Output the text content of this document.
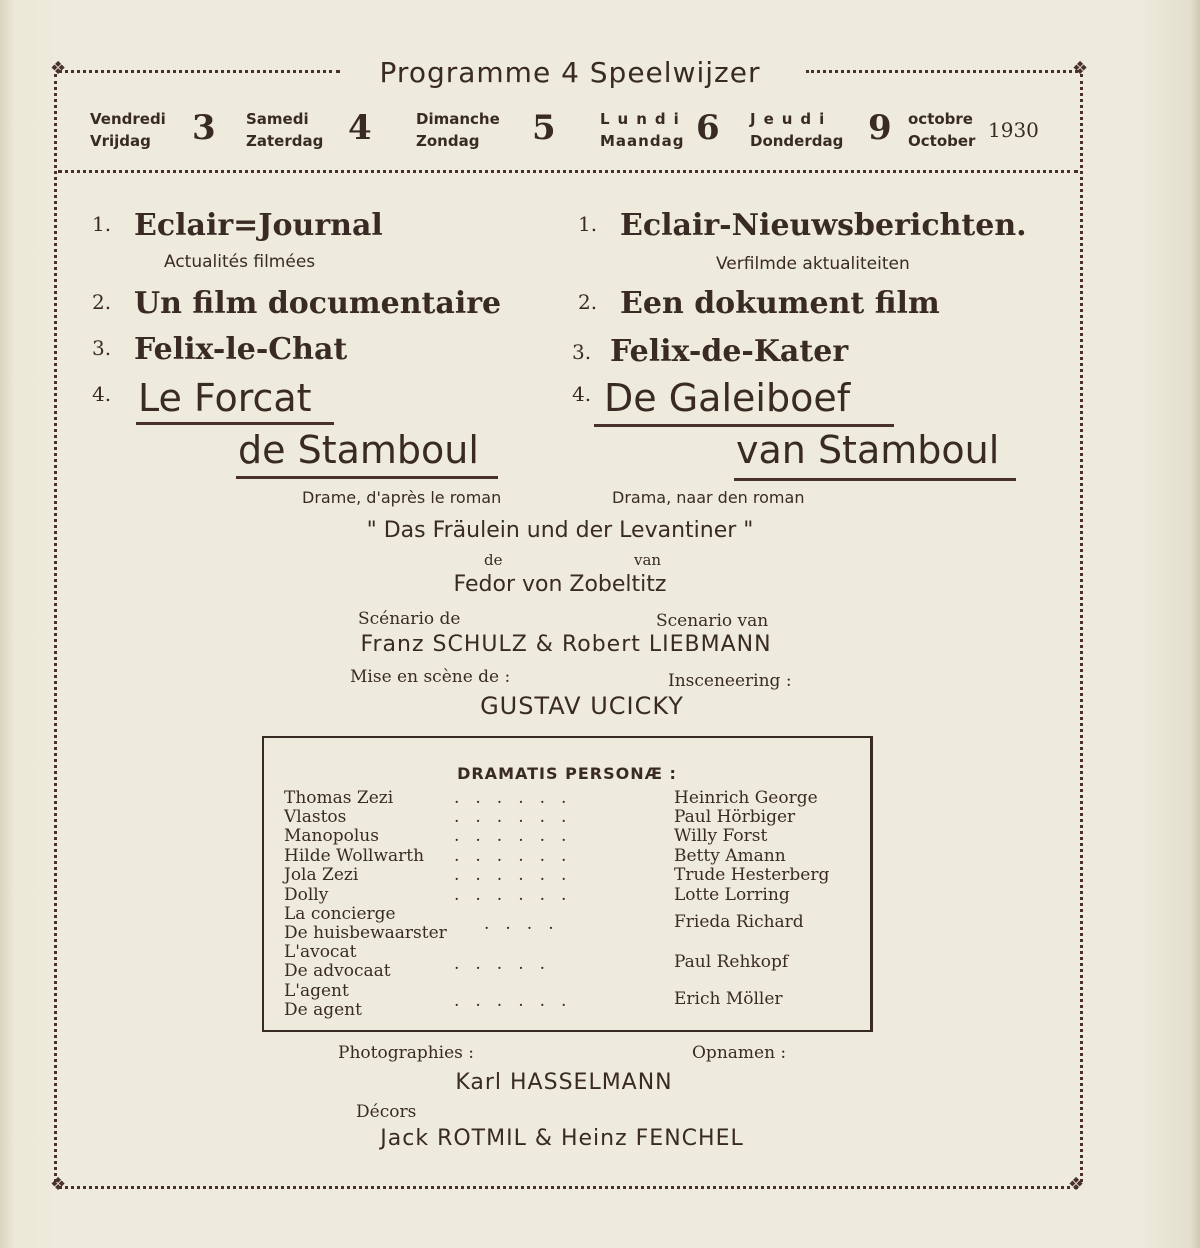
❖	❖
❖	❖
Programme 4 Speelwijzer
Vendredi
Vrijdag	3 Samedi
Zaterdag 4	Dimanche
Zondag	5	Lundi
Maandag 6 Jeudi
Donderdag 9 octobre
October 1930
1. Eclair=Journal
Actualités filmées
2. Un film documentaire
3. Felix-le-Chat
4. Le Forcat
de Stamboul
Drame, d'après le roman
1. Eclair-Nieuwsberichten.
Verfilmde aktualiteiten
2. Een dokument film
3. Felix-de-Kater
4. De Galeiboef
van Stamboul
Drama, naar den roman
" Das Fräulein und der Levantiner "
de	van
Fedor von Zobeltitz
Scénario de	Scenario van
Franz SCHULZ & Robert LIEBMANN
Mise en scène de :	Insceneering :
GUSTAV UCICKY
DRAMATIS PERSONÆ :
Thomas Zezi	......	Heinrich George
Vlastos	......	Paul Hörbiger
Manopolus	......	Willy Forst
Hilde Wollwarth ......	Betty Amann
Jola Zezi	......	Trude Hesterberg
Dolly	......	Lotte Lorring
La concierge
De huisbewaarster ....	Frieda Richard
L'avocat
De advocaat	.....	Paul Rehkopf
L'agent
De agent	......	Erich Möller
Photographies :	Opnamen :
Karl HASSELMANN
Décors
Jack ROTMIL & Heinz FENCHEL
